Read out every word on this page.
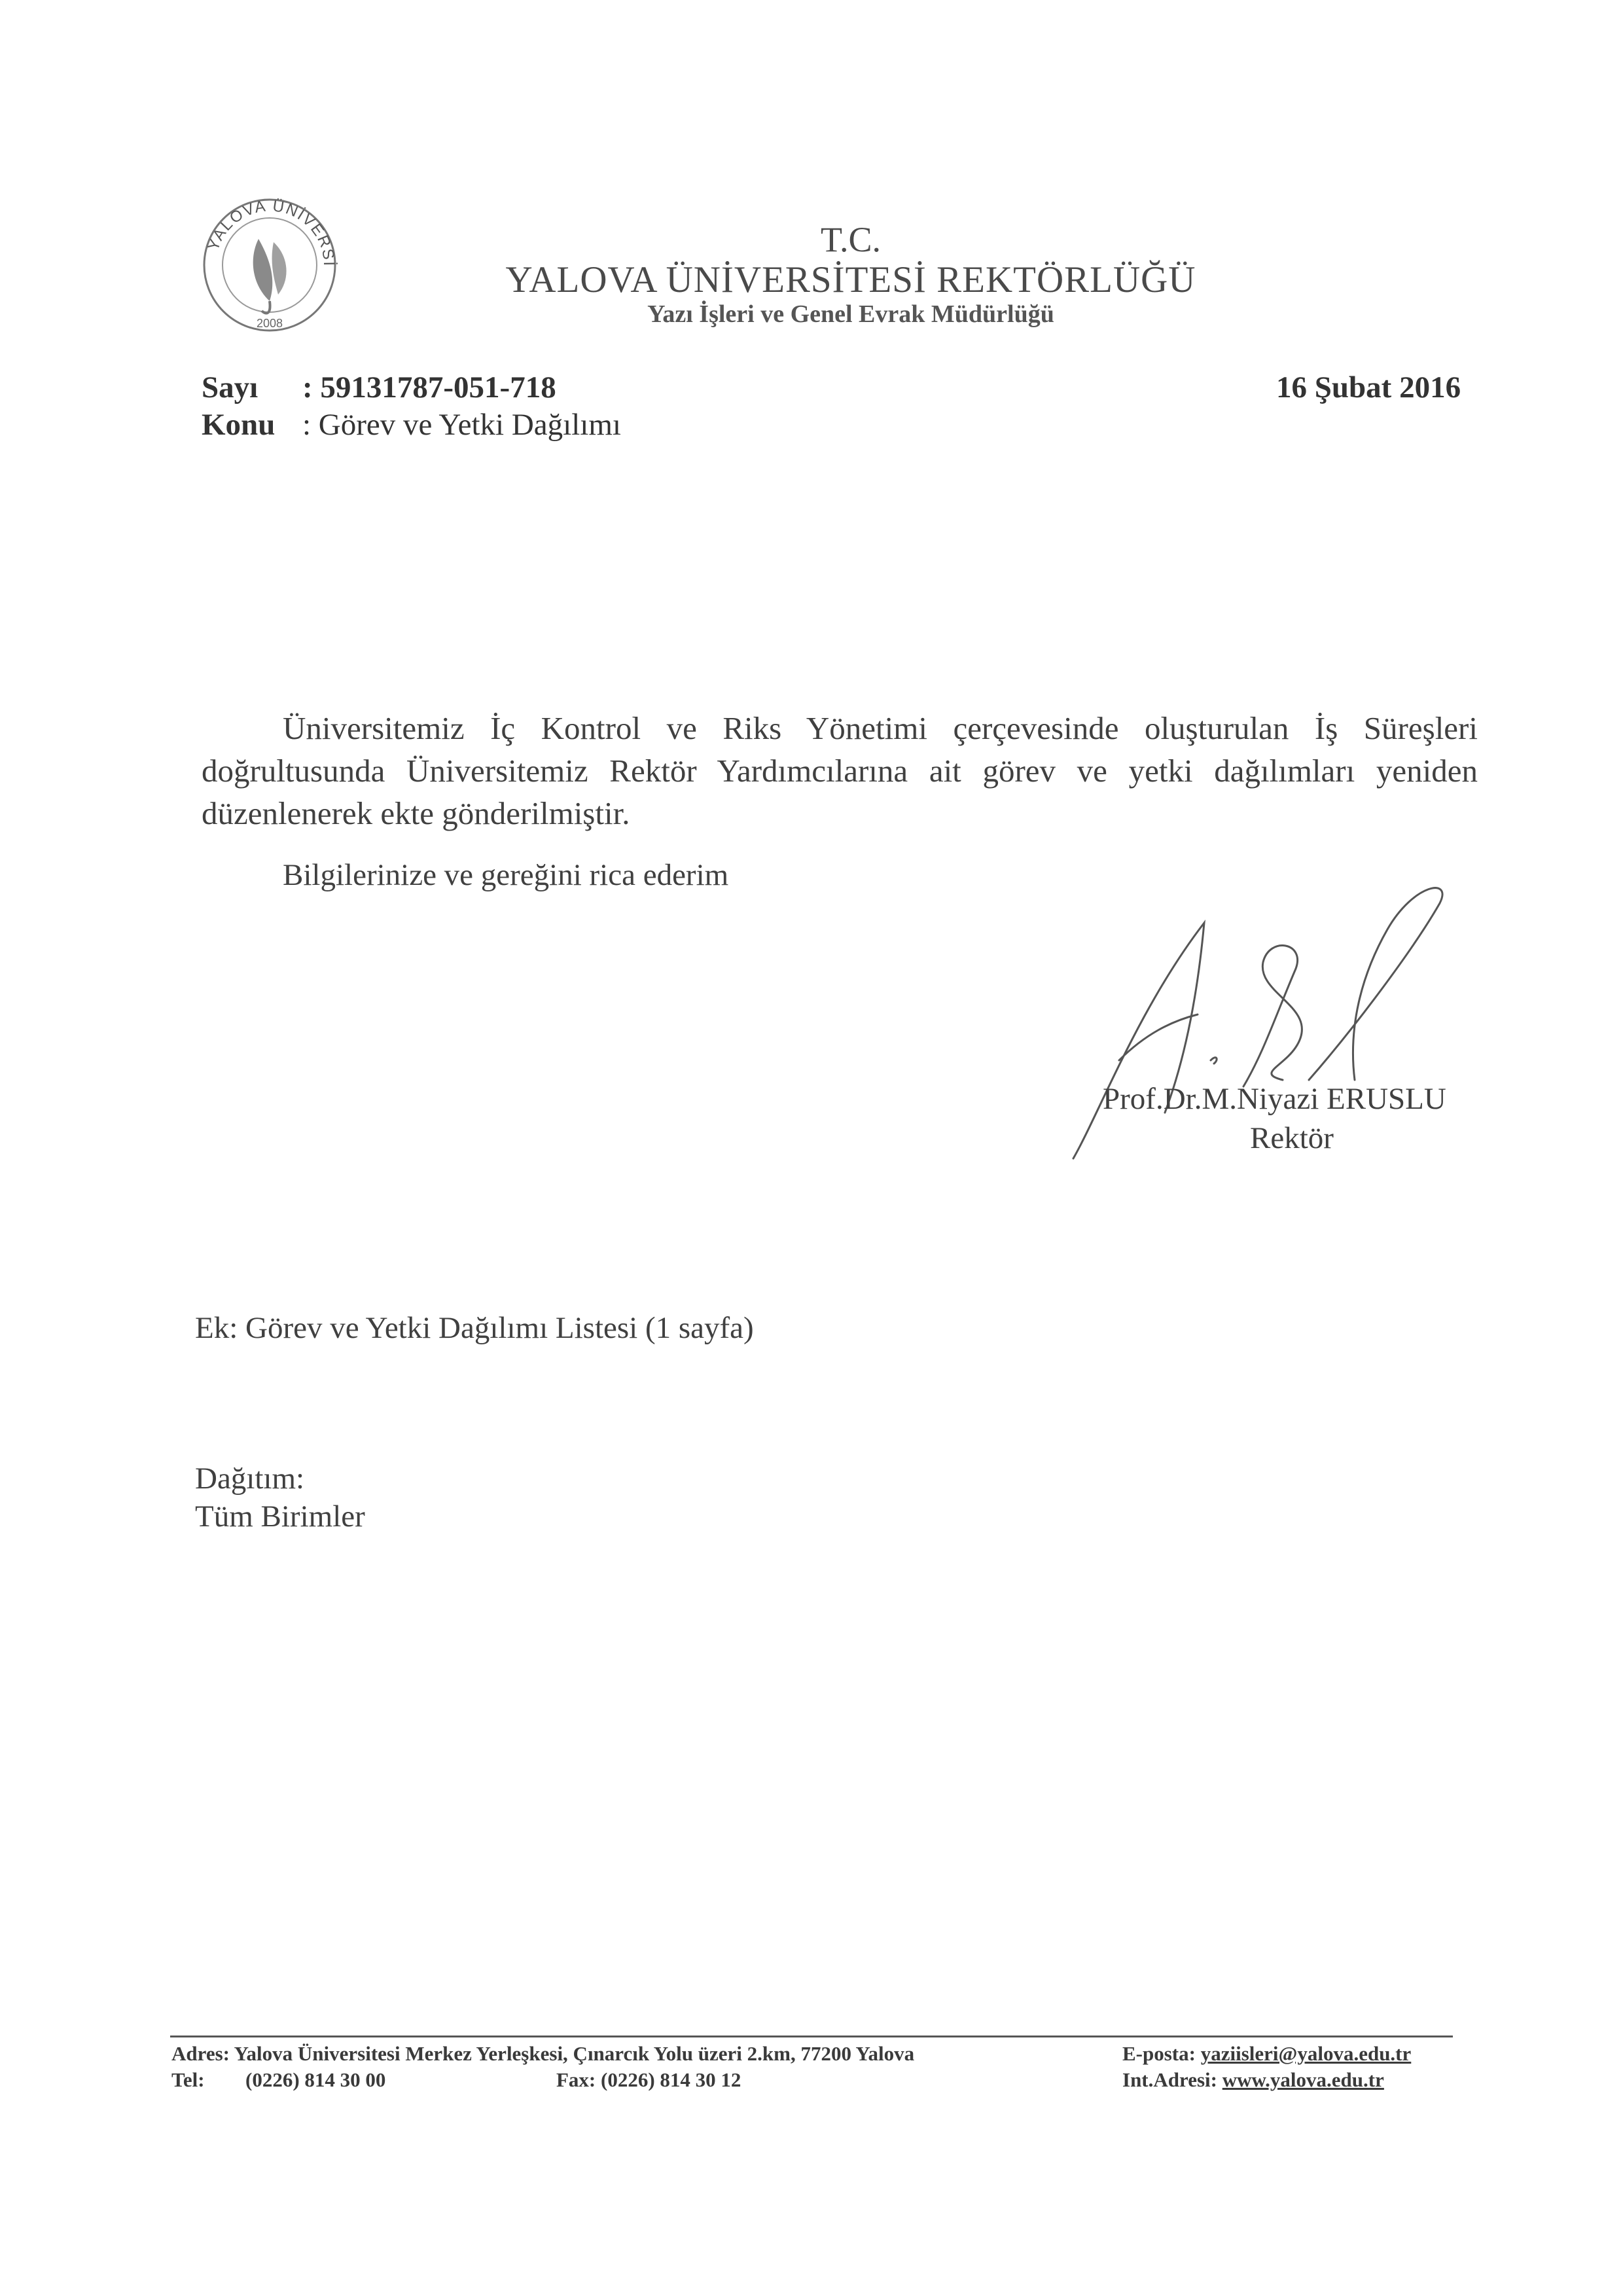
YALOVA ÜNİVERSİ
2008
T.C.
YALOVA ÜNİVERSİTESİ REKTÖRLÜĞÜ
Yazı İşleri ve Genel Evrak Müdürlüğü
Sayı : 59131787-051-718
Konu : Görev ve Yetki Dağılımı
16 Şubat 2016
Üniversitemiz İç Kontrol ve Riks Yönetimi çerçevesinde oluşturulan İş Süreşleri doğrultusunda Üniversitemiz Rektör Yardımcılarına ait görev ve yetki dağılımları yeniden düzenlenerek ekte gönderilmiştir.
Bilgilerinize ve gereğini rica ederim
Prof.Dr.M.Niyazi ERUSLU
Rektör
Ek: Görev ve Yetki Dağılımı Listesi (1 sayfa)
Dağıtım:
Tüm Birimler
Adres: Yalova Üniversitesi Merkez Yerleşkesi, Çınarcık Yolu üzeri 2.km, 77200 Yalova	E-posta: yaziisleri@yalova.edu.tr
Tel: (0226) 814 30 00	Fax: (0226) 814 30 12	Int.Adresi: www.yalova.edu.tr
